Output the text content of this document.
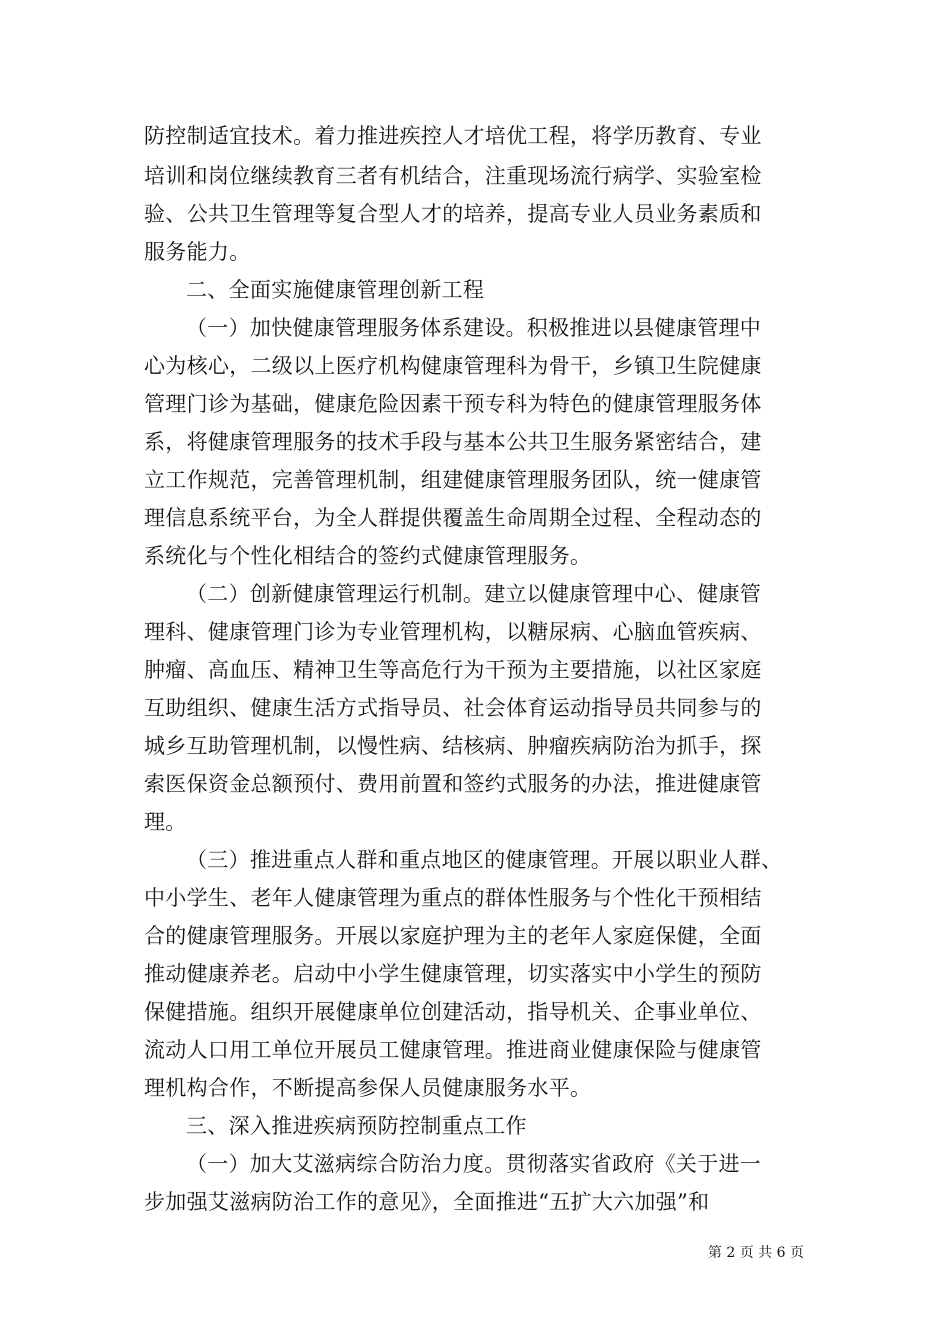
防控制适宜技术。着力推进疾控人才培优工程，将学历教育、专业
培训和岗位继续教育三者有机结合，注重现场流行病学、实验室检
验、公共卫生管理等复合型人才的培养，提高专业人员业务素质和
服务能力。
二、全面实施健康管理创新工程
（一）加快健康管理服务体系建设。积极推进以县健康管理中
心为核心，二级以上医疗机构健康管理科为骨干，乡镇卫生院健康
管理门诊为基础，健康危险因素干预专科为特色的健康管理服务体
系，将健康管理服务的技术手段与基本公共卫生服务紧密结合，建
立工作规范，完善管理机制，组建健康管理服务团队，统一健康管
理信息系统平台，为全人群提供覆盖生命周期全过程、全程动态的
系统化与个性化相结合的签约式健康管理服务。
（二）创新健康管理运行机制。建立以健康管理中心、健康管
理科、健康管理门诊为专业管理机构，以糖尿病、心脑血管疾病、
肿瘤、高血压、精神卫生等高危行为干预为主要措施，以社区家庭
互助组织、健康生活方式指导员、社会体育运动指导员共同参与的
城乡互助管理机制，以慢性病、结核病、肿瘤疾病防治为抓手，探
索医保资金总额预付、费用前置和签约式服务的办法，推进健康管
理。
（三）推进重点人群和重点地区的健康管理。开展以职业人群、
中小学生、老年人健康管理为重点的群体性服务与个性化干预相结
合的健康管理服务。开展以家庭护理为主的老年人家庭保健，全面
推动健康养老。启动中小学生健康管理，切实落实中小学生的预防
保健措施。组织开展健康单位创建活动，指导机关、企事业单位、
流动人口用工单位开展员工健康管理。推进商业健康保险与健康管
理机构合作，不断提高参保人员健康服务水平。
三、深入推进疾病预防控制重点工作
（一）加大艾滋病综合防治力度。贯彻落实省政府《关于进一
步加强艾滋病防治工作的意见》，全面推进“五扩大六加强”和
第 2 页 共 6 页
